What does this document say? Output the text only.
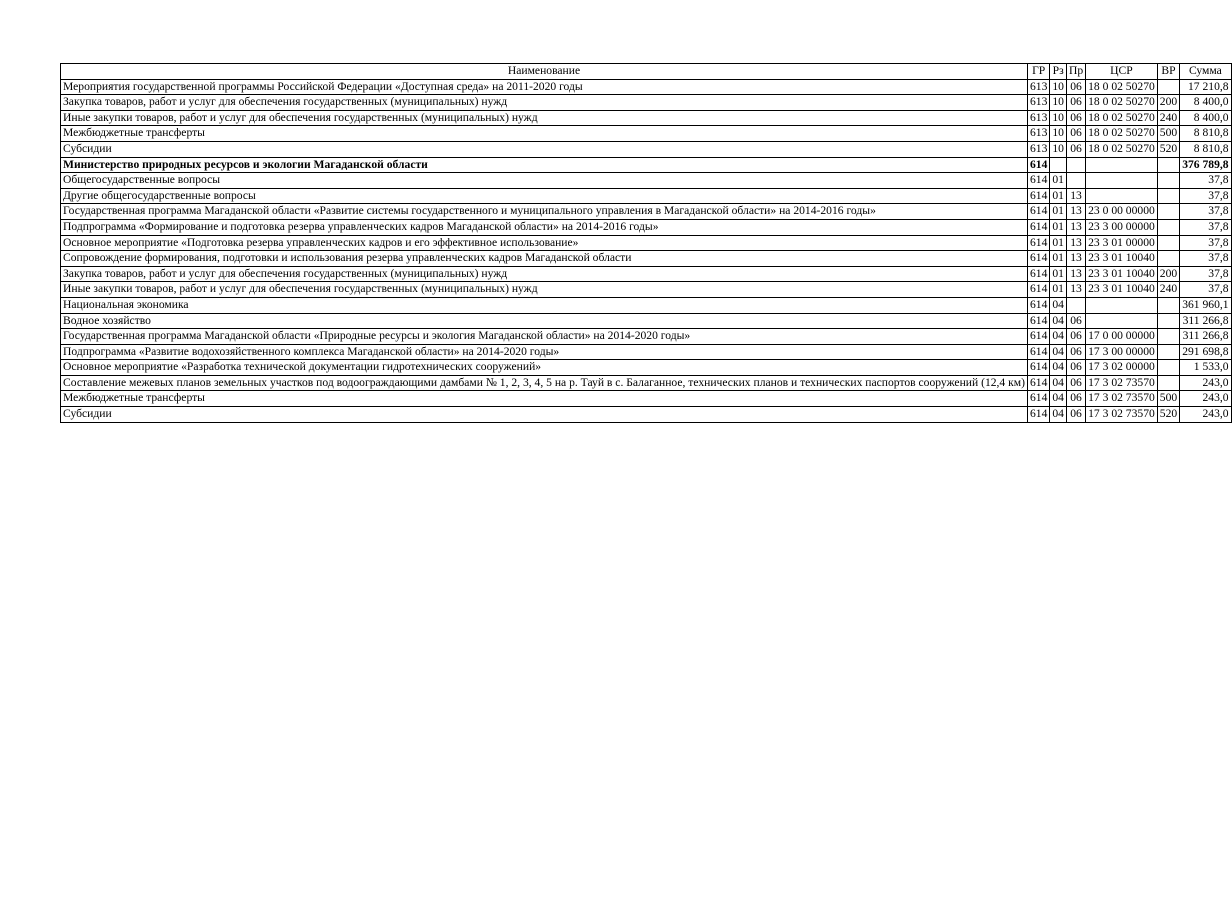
Наименование	ГР	Рз	Пр	ЦСР	ВР	Сумма
Мероприятия государственной программы Российской Федерации «Доступная среда» на 2011-2020 годы	613	10	06	18 0 02 50270		17 210,8
Закупка товаров, работ и услуг для обеспечения государственных (муниципальных) нужд	613	10	06	18 0 02 50270	200	8 400,0
Иные закупки товаров, работ и услуг для обеспечения государственных (муниципальных) нужд	613	10	06	18 0 02 50270	240	8 400,0
Межбюджетные трансферты	613	10	06	18 0 02 50270	500	8 810,8
Субсидии	613	10	06	18 0 02 50270	520	8 810,8
Министерство природных ресурсов и экологии Магаданской области	614					376 789,8
Общегосударственные вопросы	614	01				37,8
Другие общегосударственные вопросы	614	01	13			37,8
Государственная программа Магаданской области «Развитие системы государственного и муниципального управления в Магаданской области» на 2014-2016 годы»	614	01	13	23 0 00 00000		37,8
Подпрограмма «Формирование и подготовка резерва управленческих кадров Магаданской области» на 2014-2016 годы»	614	01	13	23 3 00 00000		37,8
Основное мероприятие «Подготовка резерва управленческих кадров и его эффективное использование»	614	01	13	23 3 01 00000		37,8
Сопровождение формирования, подготовки и использования резерва управленческих кадров Магаданской области	614	01	13	23 3 01 10040		37,8
Закупка товаров, работ и услуг для обеспечения государственных (муниципальных) нужд	614	01	13	23 3 01 10040	200	37,8
Иные закупки товаров, работ и услуг для обеспечения государственных (муниципальных) нужд	614	01	13	23 3 01 10040	240	37,8
Национальная экономика	614	04				361 960,1
Водное хозяйство	614	04	06			311 266,8
Государственная программа Магаданской области «Природные ресурсы и экология Магаданской области» на 2014-2020 годы»	614	04	06	17 0 00 00000		311 266,8
Подпрограмма «Развитие водохозяйственного комплекса Магаданской области» на 2014-2020 годы»	614	04	06	17 3 00 00000		291 698,8
Основное мероприятие «Разработка технической документации гидротехнических сооружений»	614	04	06	17 3 02 00000		1 533,0
Составление межевых планов земельных участков под водоограждающими дамбами № 1, 2, 3, 4, 5 на р. Тауй в с. Балаганное, технических планов и технических паспортов сооружений (12,4 км)	614	04	06	17 3 02 73570		243,0
Межбюджетные трансферты	614	04	06	17 3 02 73570	500	243,0
Субсидии	614	04	06	17 3 02 73570	520	243,0
